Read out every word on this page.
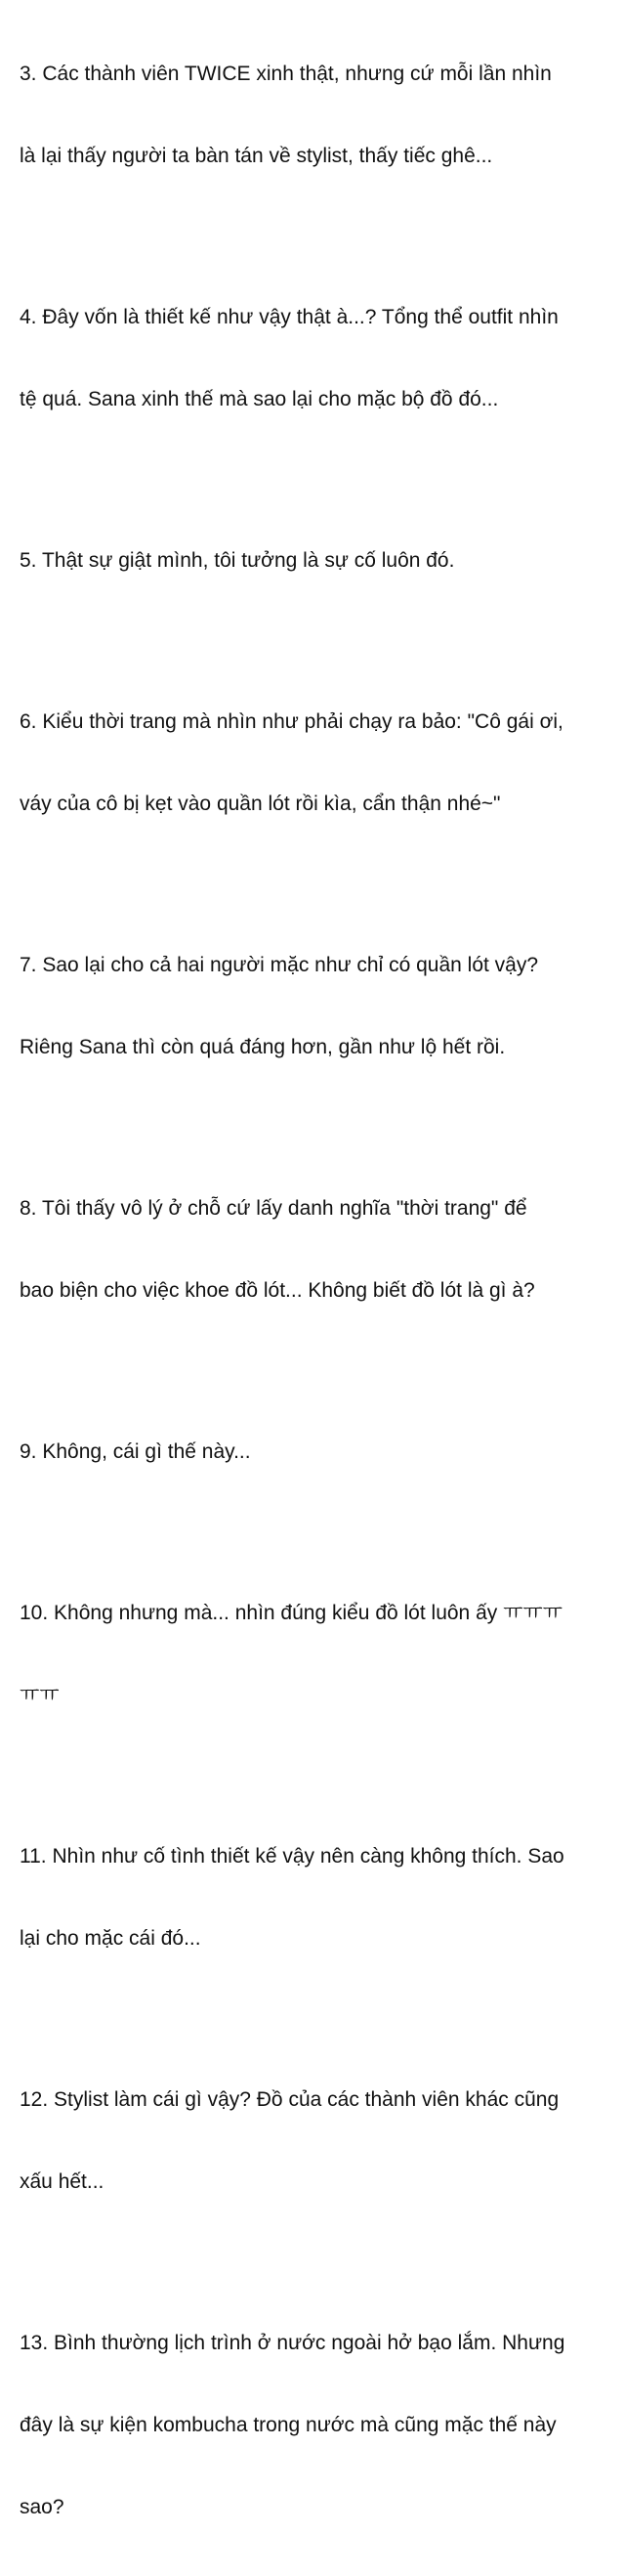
3. Các thành viên TWICE xinh thật, nhưng cứ mỗi lần nhìn

là lại thấy người ta bàn tán về stylist, thấy tiếc ghê...

4. Đây vốn là thiết kế như vậy thật à...? Tổng thể outfit nhìn

tệ quá. Sana xinh thế mà sao lại cho mặc bộ đồ đó...

5. Thật sự giật mình, tôi tưởng là sự cố luôn đó.

6. Kiểu thời trang mà nhìn như phải chạy ra bảo: "Cô gái ơi,

váy của cô bị kẹt vào quần lót rồi kìa, cẩn thận nhé~"

7. Sao lại cho cả hai người mặc như chỉ có quần lót vậy?

Riêng Sana thì còn quá đáng hơn, gần như lộ hết rồi.

8. Tôi thấy vô lý ở chỗ cứ lấy danh nghĩa "thời trang" để

bao biện cho việc khoe đồ lót... Không biết đồ lót là gì à?

9. Không, cái gì thế này...

10. Không nhưng mà... nhìn đúng kiểu đồ lót luôn ấy ㅠㅠㅠ

ㅠㅠ

11. Nhìn như cố tình thiết kế vậy nên càng không thích. Sao

lại cho mặc cái đó...

12. Stylist làm cái gì vậy? Đồ của các thành viên khác cũng

xấu hết...

13. Bình thường lịch trình ở nước ngoài hở bạo lắm. Nhưng

đây là sự kiện kombucha trong nước mà cũng mặc thế này

sao?
